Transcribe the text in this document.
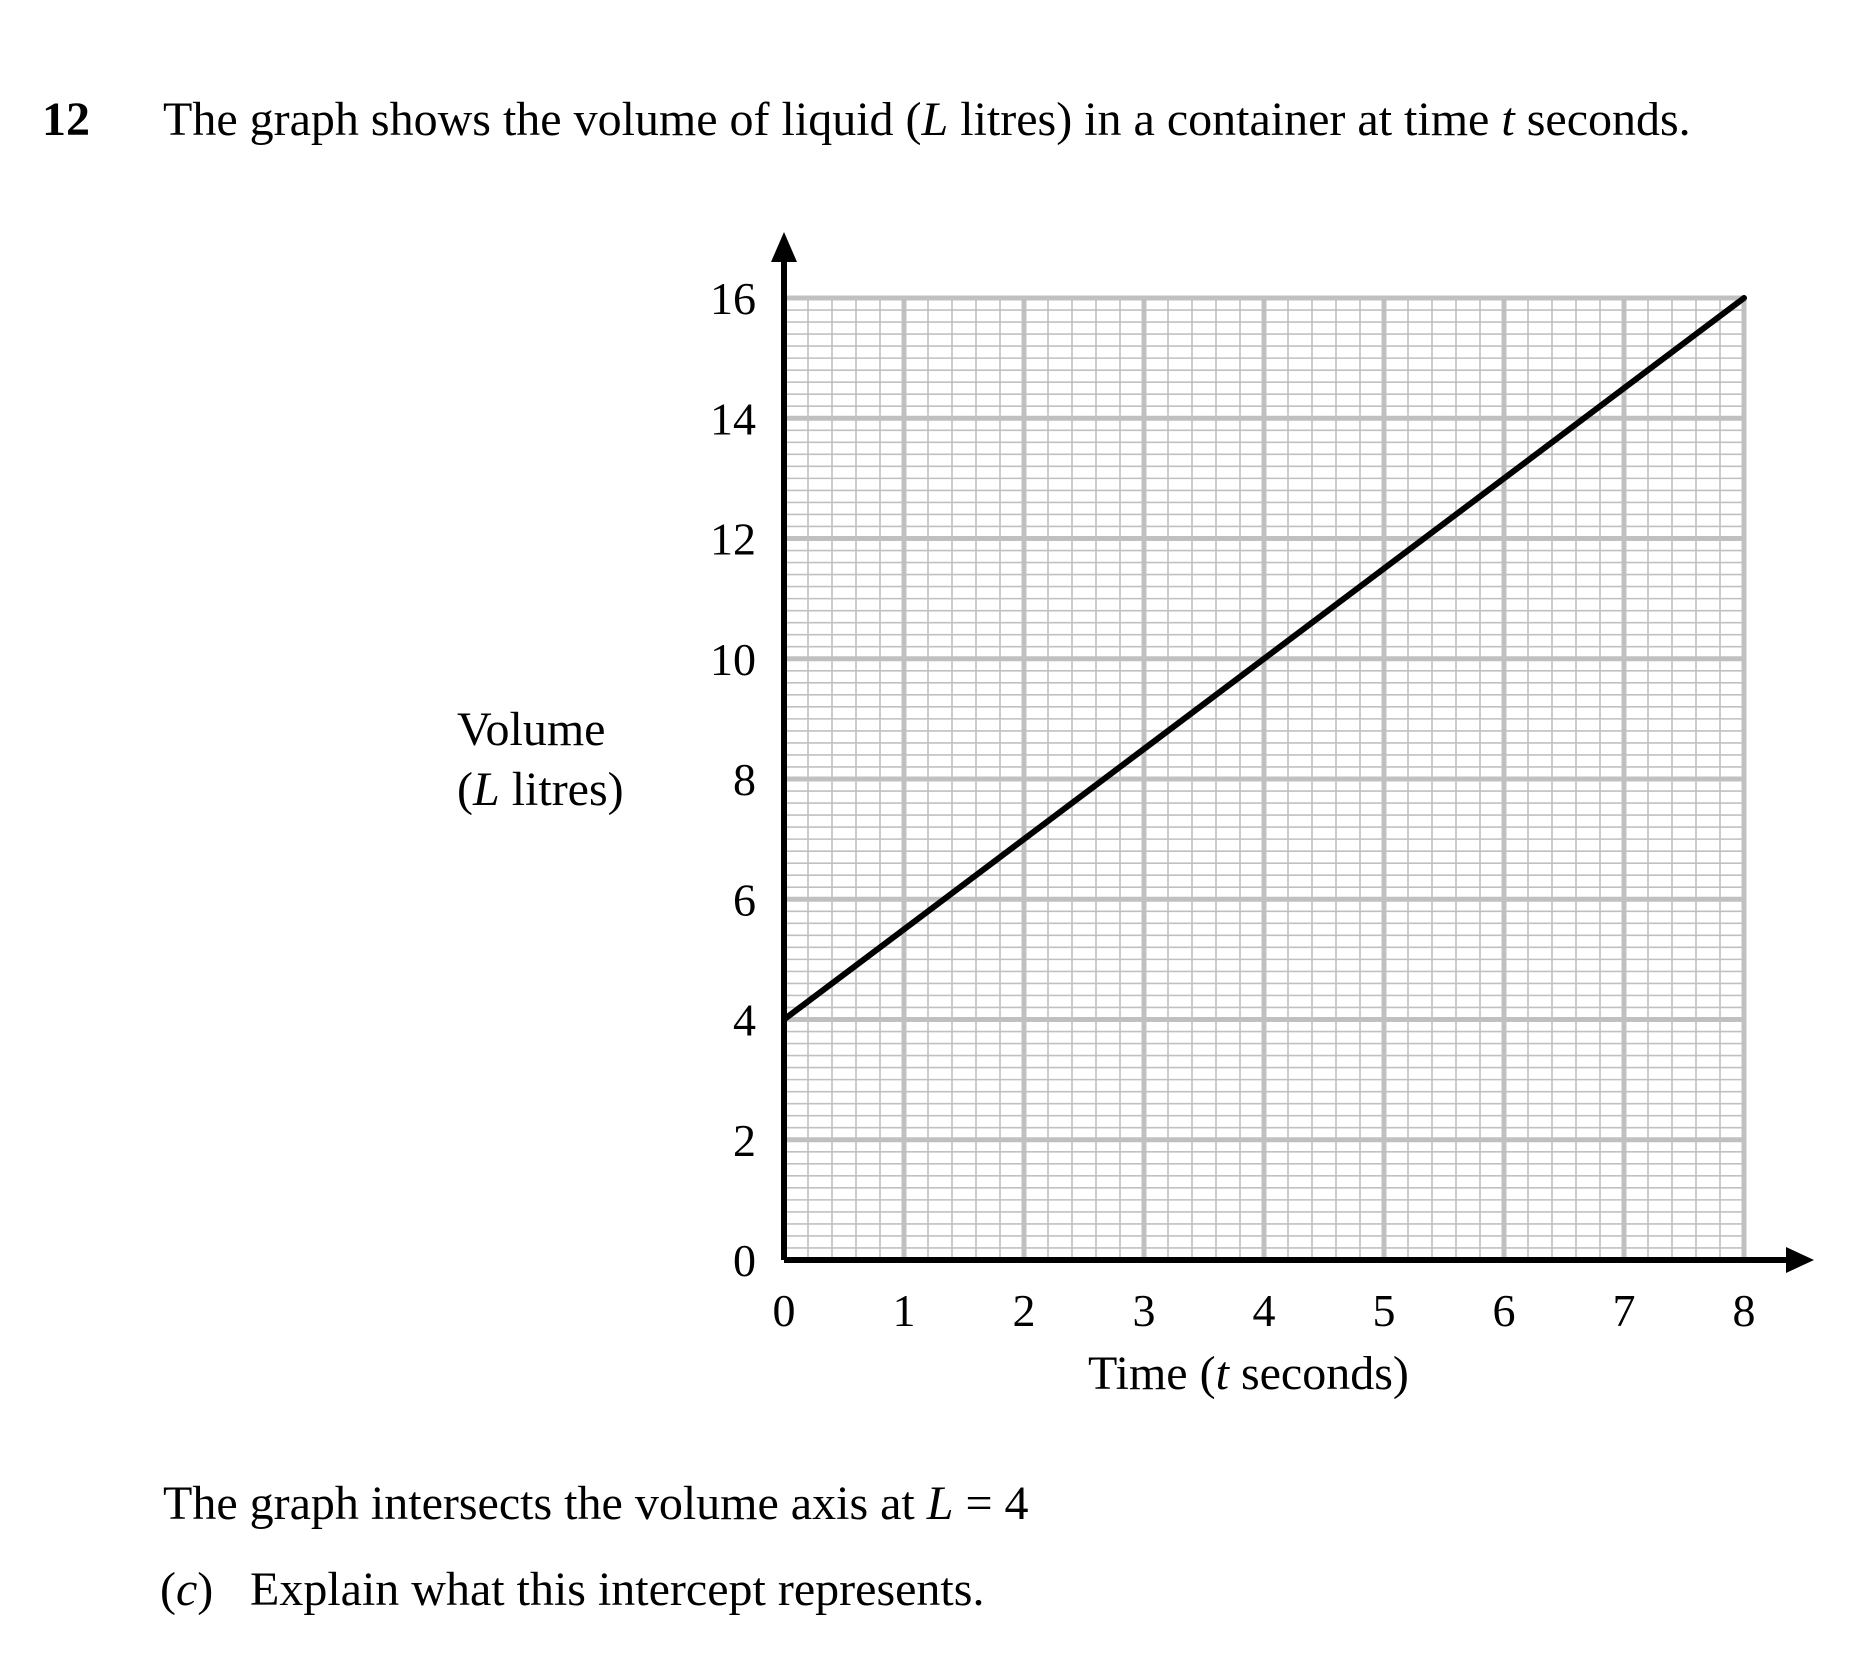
12 The graph shows the volume of liquid (L litres) in a container at time t seconds.
Volume
(L litres)
Time (t seconds)
0 1 2 3 4 5 6 7 8
0
2
4
6
8
10
12
14
16
The graph intersects the volume axis at L = 4
(c) Explain what this intercept represents.
